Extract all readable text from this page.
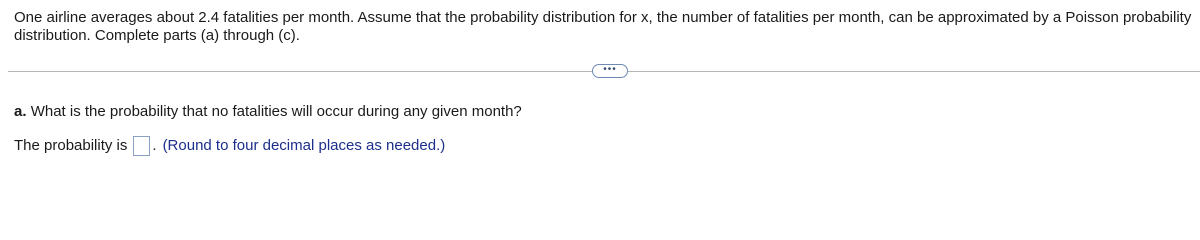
One airline averages about 2.4 fatalities per month. Assume that the probability distribution for x, the number of fatalities per month, can be approximated by a Poisson probability distribution. Complete parts (a) through (c).

•••

a. What is the probability that no fatalities will occur during any given month?

The probability is . (Round to four decimal places as needed.)
